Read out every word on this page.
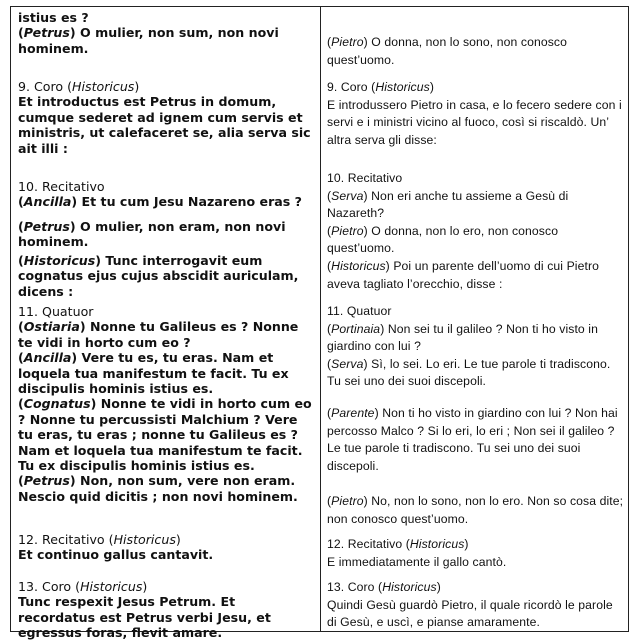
istius es ?
(Petrus) O mulier, non sum, non novi hominem.
9. Coro (Historicus)
Et introductus est Petrus in domum, cumque sederet ad ignem cum servis et ministris, ut calefaceret se, alia serva sic ait illi :
10. Recitativo
(Ancilla) Et tu cum Jesu Nazareno eras ?
(Petrus) O mulier, non eram, non novi hominem.
(Historicus) Tunc interrogavit eum cognatus ejus cujus abscidit auriculam, dicens :
11. Quatuor
(Ostiaria) Nonne tu Galileus es ? Nonne te vidi in horto cum eo ?
(Ancilla) Vere tu es, tu eras. Nam et loquela tua manifestum te facit. Tu ex discipulis hominis istius es.
(Cognatus) Nonne te vidi in horto cum eo ? Nonne tu percussisti Malchium ? Vere tu eras, tu eras ; nonne tu Galileus es ? Nam et loquela tua manifestum te facit. Tu ex discipulis hominis istius es.
(Petrus) Non, non sum, vere non eram. Nescio quid dicitis ; non novi hominem.
12. Recitativo (Historicus)
Et continuo gallus cantavit.
13. Coro (Historicus)
Tunc respexit Jesus Petrum. Et recordatus est Petrus verbi Jesu, et egressus foras, flevit amare.
(Pietro) O donna, non lo sono, non conosco quest’uomo.
9. Coro (Historicus)
E introdussero Pietro in casa, e lo fecero sedere con i servi e i ministri vicino al fuoco, così si riscaldò. Un’ altra serva gli disse:
10. Recitativo
(Serva) Non eri anche tu assieme a Gesù di Nazareth?
(Pietro) O donna, non lo ero, non conosco quest’uomo.
(Historicus) Poi un parente dell’uomo di cui Pietro aveva tagliato l’orecchio, disse :
11. Quatuor
(Portinaia) Non sei tu il galileo ? Non ti ho visto in giardino con lui ?
(Serva) Sì, lo sei. Lo eri. Le tue parole ti tradiscono. Tu sei uno dei suoi discepoli.
(Parente) Non ti ho visto in giardino con lui ? Non hai percosso Malco ? Si lo eri, lo eri ; Non sei il galileo ? Le tue parole ti tradiscono. Tu sei uno dei suoi discepoli.
(Pietro) No, non lo sono, non lo ero. Non so cosa dite; non conosco quest’uomo.
12. Recitativo (Historicus)
E immediatamente il gallo cantò.
13. Coro (Historicus)
Quindi Gesù guardò Pietro, il quale ricordò le parole di Gesù, e uscì, e pianse amaramente.
